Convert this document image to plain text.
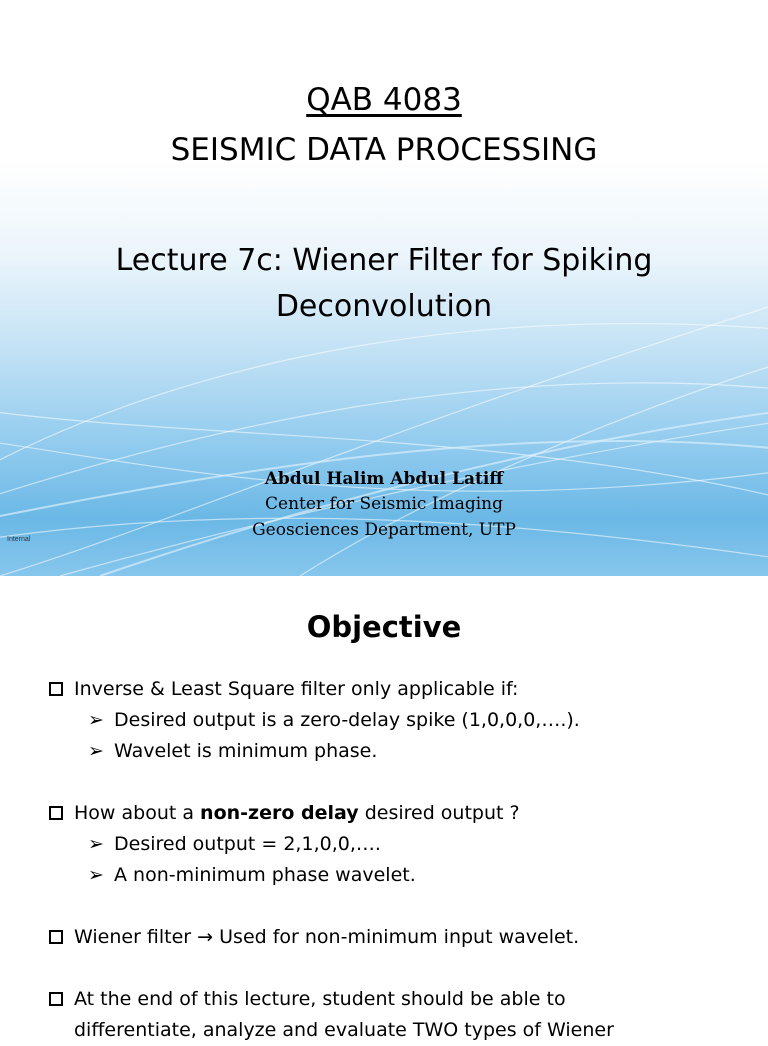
QAB 4083
SEISMIC DATA PROCESSING
Lecture 7c: Wiener Filter for Spiking
Deconvolution
Abdul Halim Abdul Latiff
Center for Seismic Imaging
Geosciences Department, UTP
Internal
Objective
Inverse & Least Square filter only applicable if:
➢ Desired output is a zero-delay spike (1,0,0,0,….).
➢ Wavelet is minimum phase.
How about a non-zero delay desired output ?
➢ Desired output = 2,1,0,0,….
➢ A non-minimum phase wavelet.
Wiener filter → Used for non-minimum input wavelet.
At the end of this lecture, student should be able to
differentiate, analyze and evaluate TWO types of Wiener
